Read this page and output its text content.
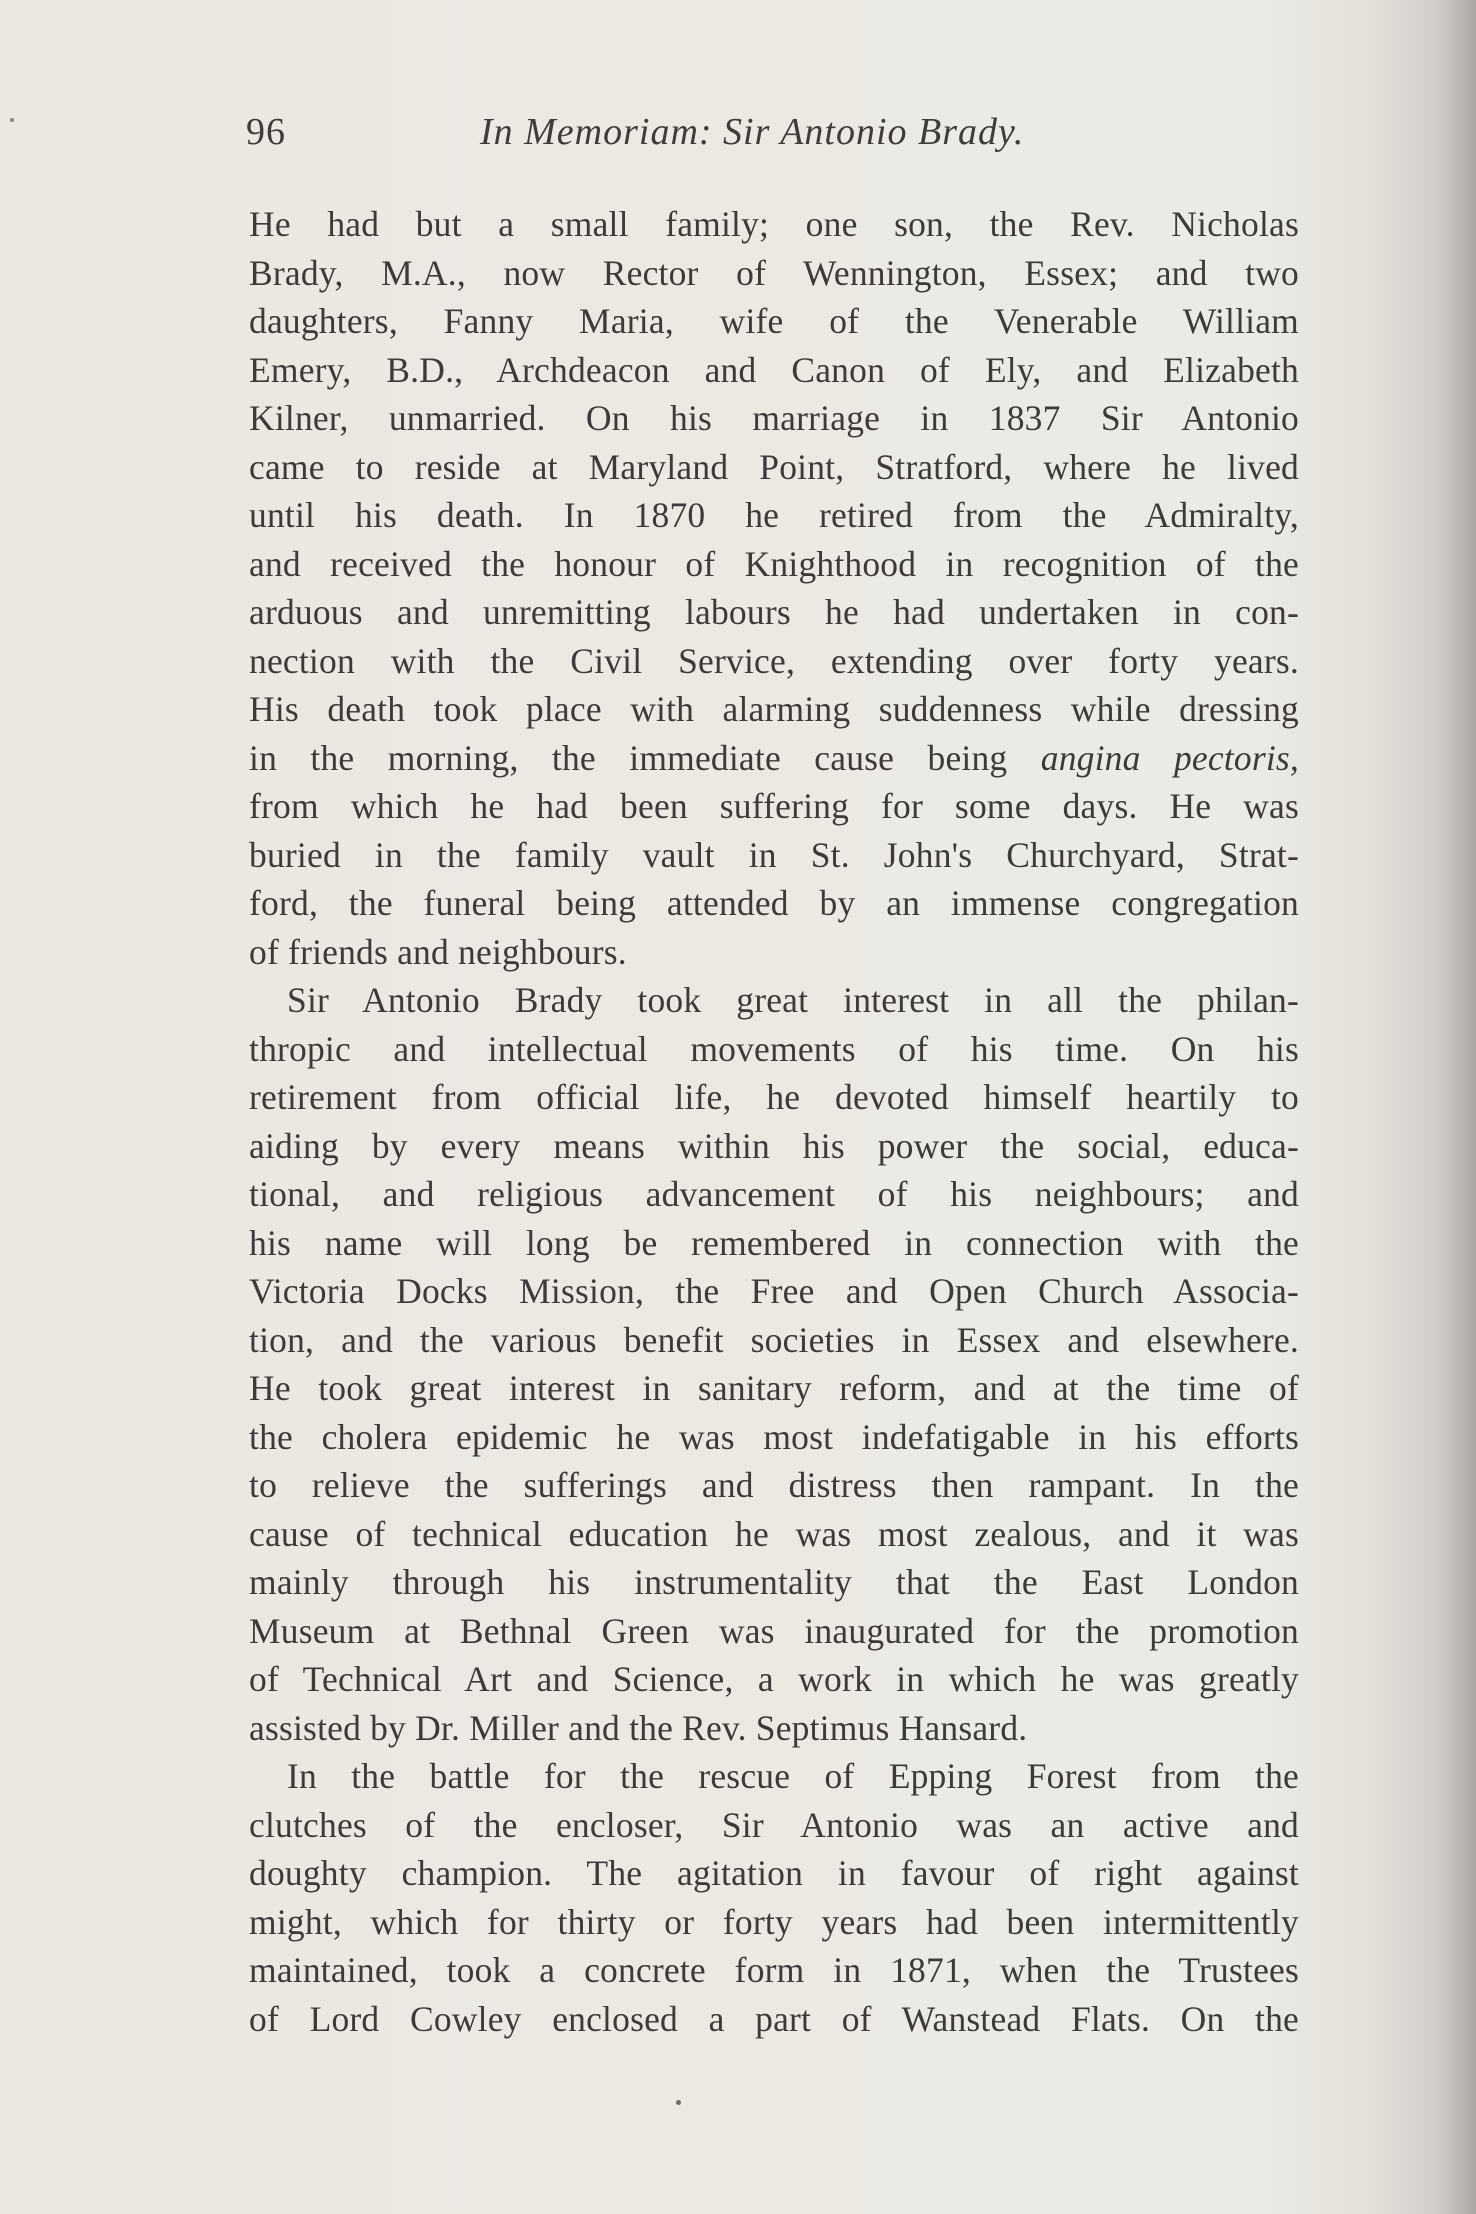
96	In Memoriam: Sir Antonio Brady.
He had but a small family; one son, the Rev. Nicholas
Brady, M.A., now Rector of Wennington, Essex; and two
daughters, Fanny Maria, wife of the Venerable William
Emery, B.D., Archdeacon and Canon of Ely, and Elizabeth
Kilner, unmarried. On his marriage in 1837 Sir Antonio
came to reside at Maryland Point, Stratford, where he lived
until his death. In 1870 he retired from the Admiralty,
and received the honour of Knighthood in recognition of the
arduous and unremitting labours he had undertaken in con-
nection with the Civil Service, extending over forty years.
His death took place with alarming suddenness while dressing
in the morning, the immediate cause being angina pectoris,
from which he had been suffering for some days. He was
buried in the family vault in St. John's Churchyard, Strat-
ford, the funeral being attended by an immense congregation
of friends and neighbours.
Sir Antonio Brady took great interest in all the philan-
thropic and intellectual movements of his time. On his
retirement from official life, he devoted himself heartily to
aiding by every means within his power the social, educa-
tional, and religious advancement of his neighbours; and
his name will long be remembered in connection with the
Victoria Docks Mission, the Free and Open Church Associa-
tion, and the various benefit societies in Essex and elsewhere.
He took great interest in sanitary reform, and at the time of
the cholera epidemic he was most indefatigable in his efforts
to relieve the sufferings and distress then rampant. In the
cause of technical education he was most zealous, and it was
mainly through his instrumentality that the East London
Museum at Bethnal Green was inaugurated for the promotion
of Technical Art and Science, a work in which he was greatly
assisted by Dr. Miller and the Rev. Septimus Hansard.
In the battle for the rescue of Epping Forest from the
clutches of the encloser, Sir Antonio was an active and
doughty champion. The agitation in favour of right against
might, which for thirty or forty years had been intermittently
maintained, took a concrete form in 1871, when the Trustees
of Lord Cowley enclosed a part of Wanstead Flats. On the
